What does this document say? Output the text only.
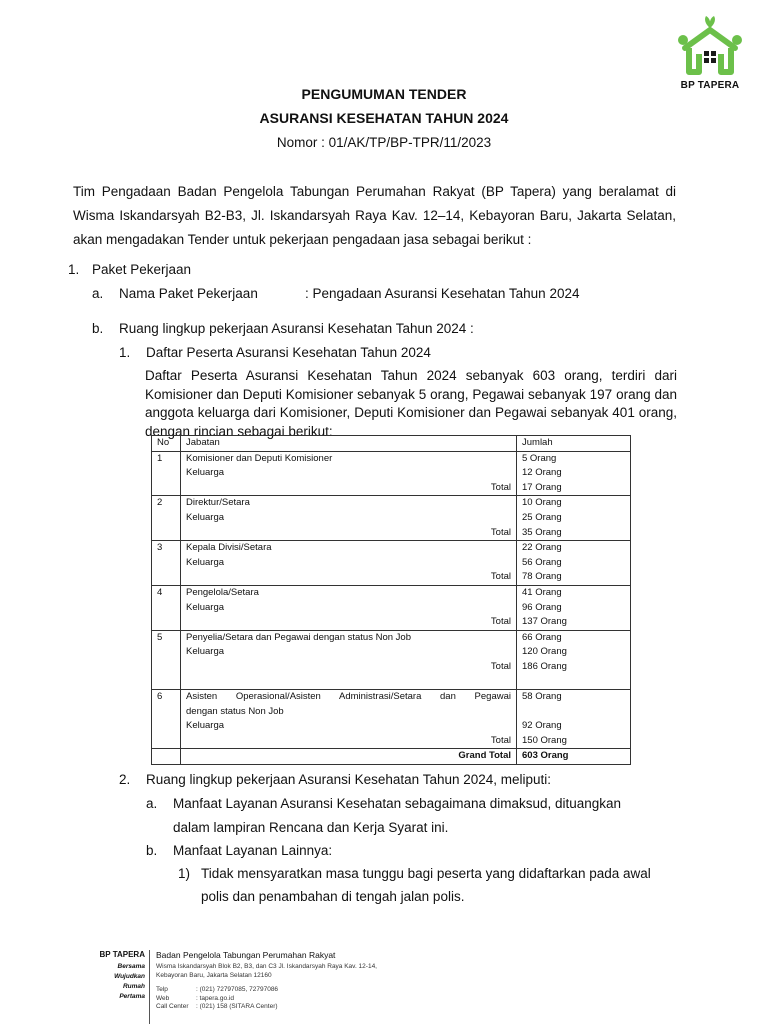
BP TAPERA
PENGUMUMAN TENDER
ASURANSI KESEHATAN TAHUN 2024
Nomor : 01/AK/TP/BP-TPR/11/2023
Tim Pengadaan Badan Pengelola Tabungan Perumahan Rakyat (BP Tapera) yang beralamat di Wisma Iskandarsyah B2-B3, Jl. Iskandarsyah Raya Kav. 12–14, Kebayoran Baru, Jakarta Selatan, akan mengadakan Tender untuk pekerjaan pengadaan jasa sebagai berikut :
1. Paket Pekerjaan
a. Nama Paket Pekerjaan	: Pengadaan Asuransi Kesehatan Tahun 2024
b. Ruang lingkup pekerjaan Asuransi Kesehatan Tahun 2024 :
1. Daftar Peserta Asuransi Kesehatan Tahun 2024
Daftar Peserta Asuransi Kesehatan Tahun 2024 sebanyak 603 orang, terdiri dari Komisioner dan Deputi Komisioner sebanyak 5 orang, Pegawai sebanyak 197 orang dan anggota keluarga dari Komisioner, Deputi Komisioner dan Pegawai sebanyak 401 orang, dengan rincian sebagai berikut:
No	Jabatan	Jumlah
1	Komisioner dan Deputi Komisioner	5 Orang
	Keluarga	12 Orang

	Total	17 Orang
2	Direktur/Setara	10 Orang
	Keluarga	25 Orang

	Total	35 Orang
3	Kepala Divisi/Setara	22 Orang
	Keluarga	56 Orang

	Total	78 Orang
4	Pengelola/Setara	41 Orang
	Keluarga	96 Orang

	Total	137 Orang
5	Penyelia/Setara dan Pegawai dengan status Non Job	66 Orang
	Keluarga	120 Orang

	Total	186 Orang

6	Asisten Operasional/Asisten Administrasi/Setara dan Pegawai	58 Orang
	dengan status Non Job	
	Keluarga	92 Orang

	Total	150 Orang

	Grand Total	603 Orang
2. Ruang lingkup pekerjaan Asuransi Kesehatan Tahun 2024, meliputi:
a. Manfaat Layanan Asuransi Kesehatan sebagaimana dimaksud, dituangkan
dalam lampiran Rencana dan Kerja Syarat ini.
b. Manfaat Layanan Lainnya:
1) Tidak mensyaratkan masa tunggu bagi peserta yang didaftarkan pada awal
polis dan penambahan di tengah jalan polis.
BP TAPERA
Bersama
Wujudkan
Rumah
Pertama
Badan Pengelola Tabungan Perumahan Rakyat
Wisma Iskandarsyah Blok B2, B3, dan C3 Jl. Iskandarsyah Raya Kav. 12-14,
Kebayoran Baru, Jakarta Selatan 12160
Telp	: (021) 72797085, 72797086
Web	: tapera.go.id
Call Center : (021) 158 (SITARA Center)
